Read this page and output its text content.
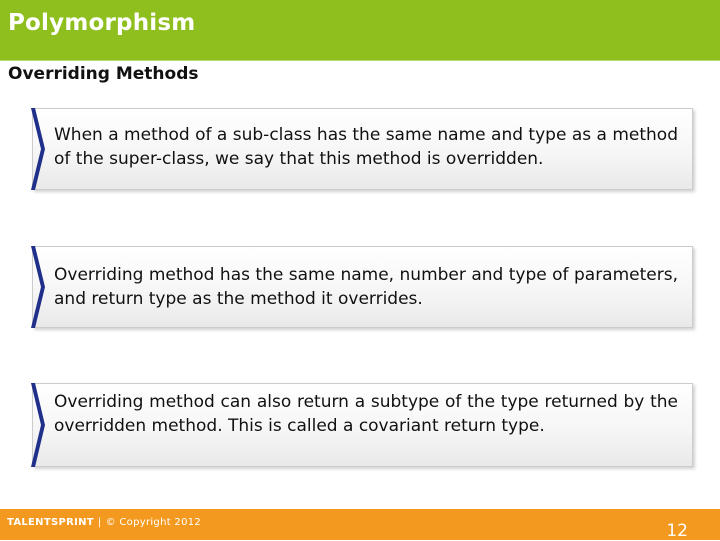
Polymorphism
Overriding Methods
When a method of a sub-class has the same name and type as a method of the super-class, we say that this method is overridden.
Overriding method has the same name, number and type of parameters, and return type as the method it overrides.
Overriding method can also return a subtype of the type returned by the overridden method. This is called a covariant return type.
TALENTSPRINT | © Copyright 2012	12
